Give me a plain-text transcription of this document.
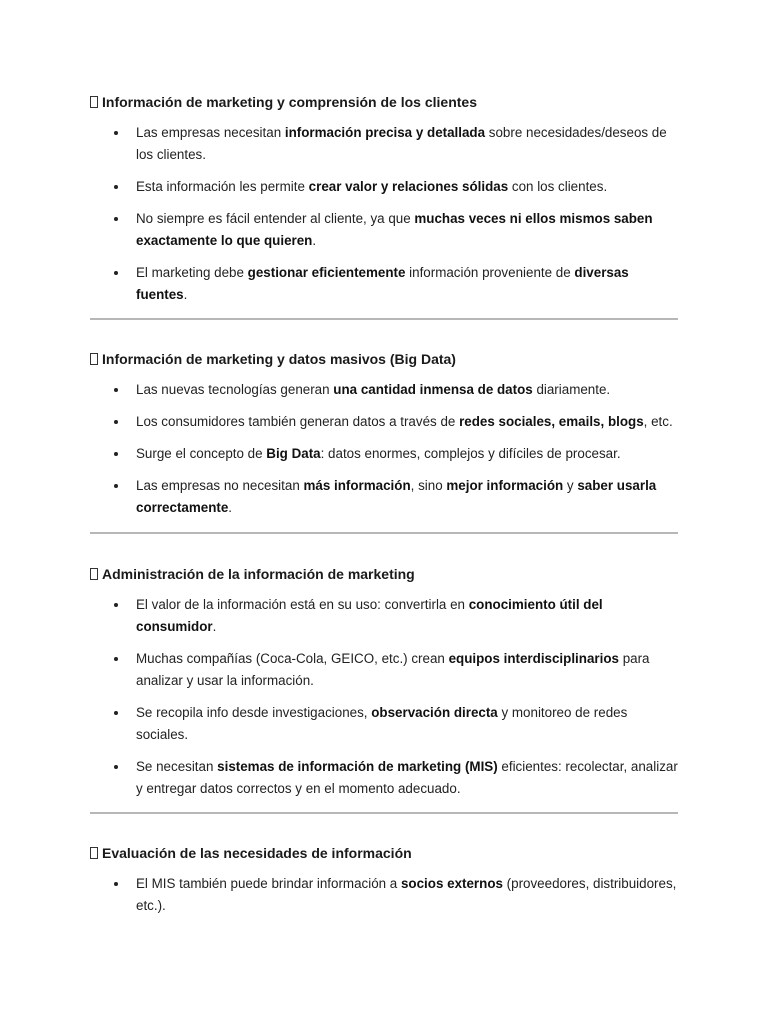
Información de marketing y comprensión de los clientes
Las empresas necesitan información precisa y detallada sobre necesidades/deseos de los clientes.
Esta información les permite crear valor y relaciones sólidas con los clientes.
No siempre es fácil entender al cliente, ya que muchas veces ni ellos mismos saben exactamente lo que quieren.
El marketing debe gestionar eficientemente información proveniente de diversas fuentes.
Información de marketing y datos masivos (Big Data)
Las nuevas tecnologías generan una cantidad inmensa de datos diariamente.
Los consumidores también generan datos a través de redes sociales, emails, blogs, etc.
Surge el concepto de Big Data: datos enormes, complejos y difíciles de procesar.
Las empresas no necesitan más información, sino mejor información y saber usarla correctamente.
Administración de la información de marketing
El valor de la información está en su uso: convertirla en conocimiento útil del consumidor.
Muchas compañías (Coca-Cola, GEICO, etc.) crean equipos interdisciplinarios para analizar y usar la información.
Se recopila info desde investigaciones, observación directa y monitoreo de redes sociales.
Se necesitan sistemas de información de marketing (MIS) eficientes: recolectar, analizar y entregar datos correctos y en el momento adecuado.
Evaluación de las necesidades de información
El MIS también puede brindar información a socios externos (proveedores, distribuidores, etc.).
